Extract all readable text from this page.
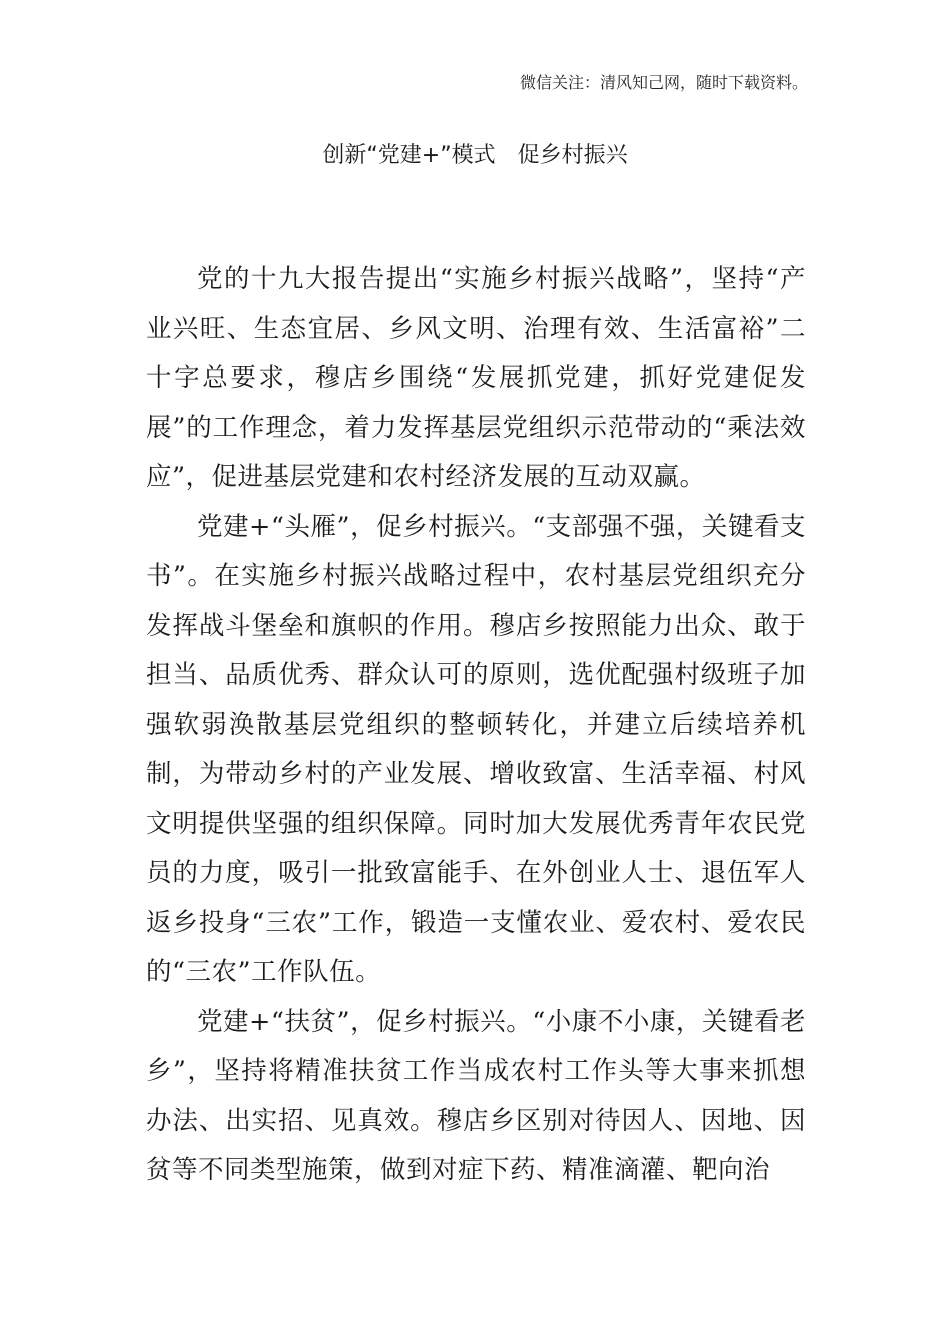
微信关注：清风知己网，随时下载资料。
创新“党建+”模式　促乡村振兴

党的十九大报告提出“实施乡村振兴战略”，坚持“产业兴旺、生态宜居、乡风文明、治理有效、生活富裕”二十字总要求，穆店乡围绕“发展抓党建，抓好党建促发展”的工作理念，着力发挥基层党组织示范带动的“乘法效应”，促进基层党建和农村经济发展的互动双赢。

党建+“头雁”，促乡村振兴。“支部强不强，关键看支书”。在实施乡村振兴战略过程中，农村基层党组织充分发挥战斗堡垒和旗帜的作用。穆店乡按照能力出众、敢于担当、品质优秀、群众认可的原则，选优配强村级班子加强软弱涣散基层党组织的整顿转化，并建立后续培养机制，为带动乡村的产业发展、增收致富、生活幸福、村风文明提供坚强的组织保障。同时加大发展优秀青年农民党员的力度，吸引一批致富能手、在外创业人士、退伍军人返乡投身“三农”工作，锻造一支懂农业、爱农村、爱农民的“三农”工作队伍。

党建+“扶贫”，促乡村振兴。“小康不小康，关键看老乡”，坚持将精准扶贫工作当成农村工作头等大事来抓想办法、出实招、见真效。穆店乡区别对待因人、因地、因贫等不同类型施策，做到对症下药、精准滴灌、靶向治
